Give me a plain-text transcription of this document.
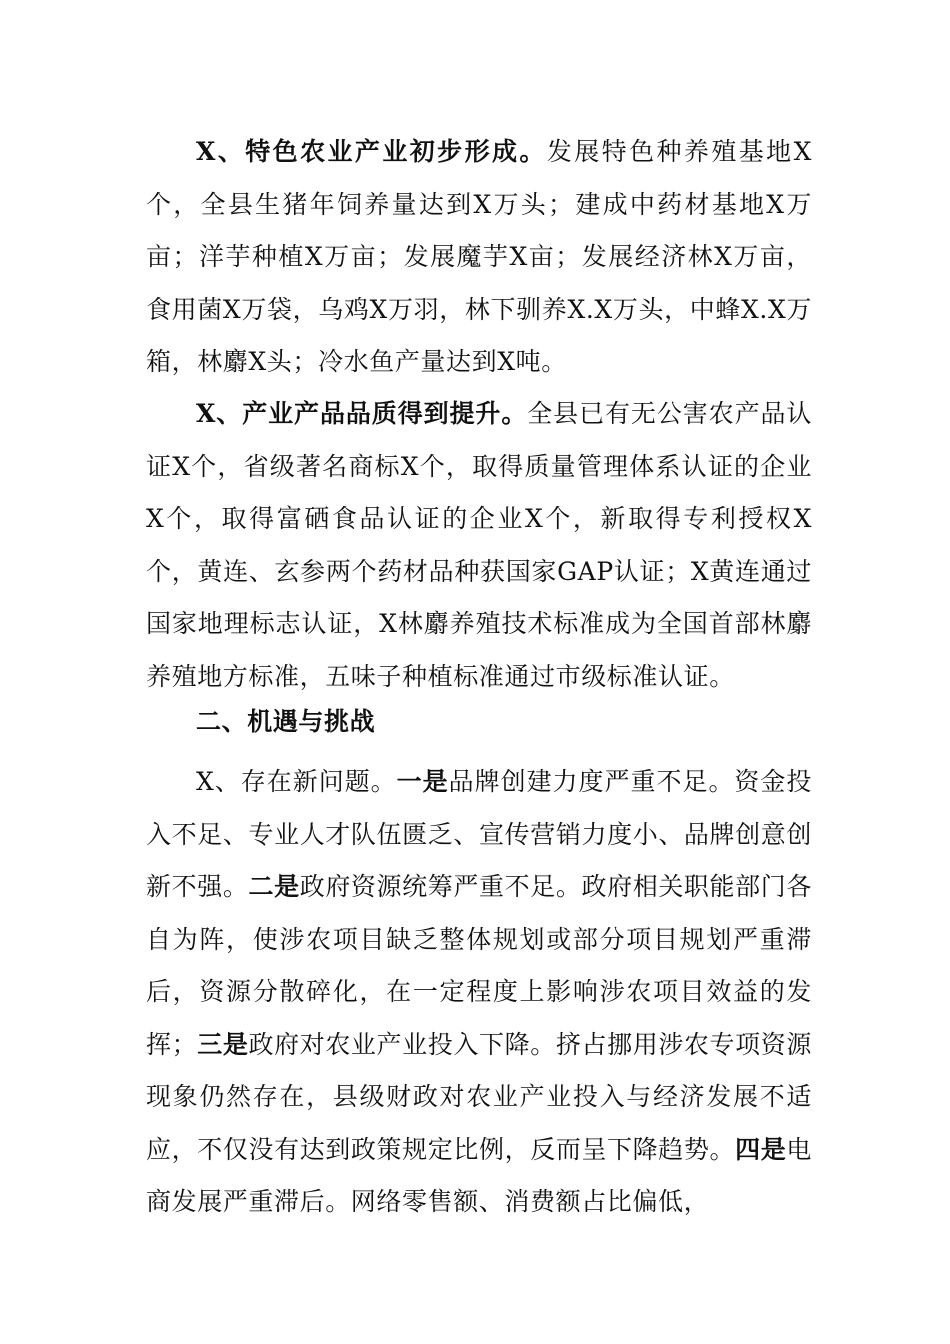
X、特色农业产业初步形成。发展特色种养殖基地X个，全县生猪年饲养量达到X万头；建成中药材基地X万亩；洋芋种植X万亩；发展魔芋X亩；发展经济林X万亩，食用菌X万袋，乌鸡X万羽，林下驯养X.X万头，中蜂X.X万箱，林麝X头；冷水鱼产量达到X吨。

X、产业产品品质得到提升。全县已有无公害农产品认证X个，省级著名商标X个，取得质量管理体系认证的企业X个，取得富硒食品认证的企业X个，新取得专利授权X个，黄连、玄参两个药材品种获国家GAP认证；X黄连通过国家地理标志认证，X林麝养殖技术标准成为全国首部林麝养殖地方标准，五味子种植标准通过市级标准认证。

二、机遇与挑战

X、存在新问题。一是品牌创建力度严重不足。资金投入不足、专业人才队伍匮乏、宣传营销力度小、品牌创意创新不强。二是政府资源统筹严重不足。政府相关职能部门各自为阵，使涉农项目缺乏整体规划或部分项目规划严重滞后，资源分散碎化，在一定程度上影响涉农项目效益的发挥；三是政府对农业产业投入下降。挤占挪用涉农专项资源现象仍然存在，县级财政对农业产业投入与经济发展不适应，不仅没有达到政策规定比例，反而呈下降趋势。四是电商发展严重滞后。网络零售额、消费额占比偏低，
